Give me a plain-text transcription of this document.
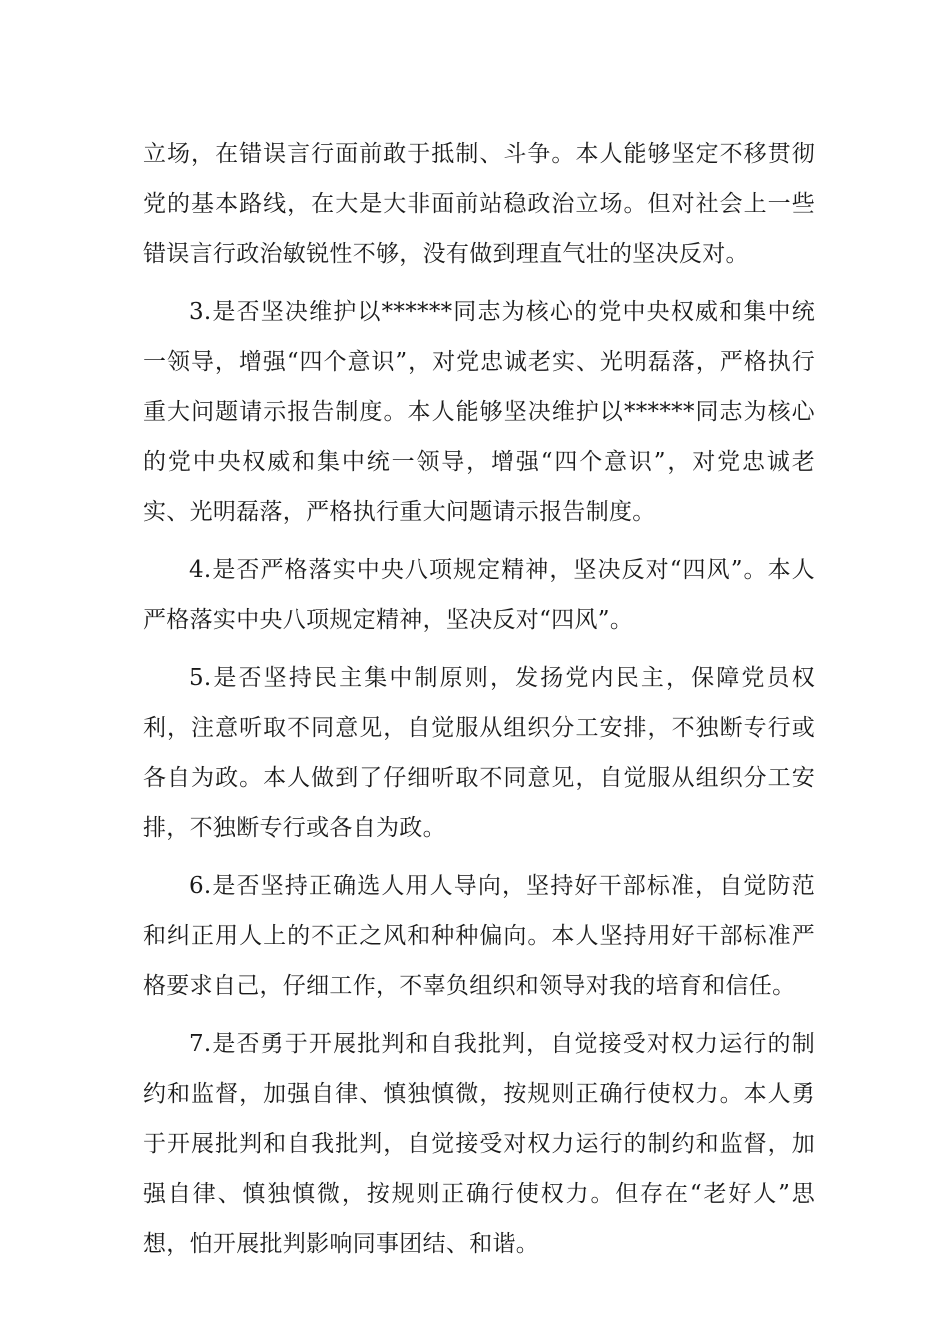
立场，在错误言行面前敢于抵制、斗争。本人能够坚定不移贯彻党的基本路线，在大是大非面前站稳政治立场。但对社会上一些错误言行政治敏锐性不够，没有做到理直气壮的坚决反对。

3.是否坚决维护以******同志为核心的党中央权威和集中统一领导，增强“四个意识”，对党忠诚老实、光明磊落，严格执行重大问题请示报告制度。本人能够坚决维护以******同志为核心的党中央权威和集中统一领导，增强“四个意识”，对党忠诚老实、光明磊落，严格执行重大问题请示报告制度。

4.是否严格落实中央八项规定精神，坚决反对“四风”。本人严格落实中央八项规定精神，坚决反对“四风”。

5.是否坚持民主集中制原则，发扬党内民主，保障党员权利，注意听取不同意见，自觉服从组织分工安排，不独断专行或各自为政。本人做到了仔细听取不同意见，自觉服从组织分工安排，不独断专行或各自为政。

6.是否坚持正确选人用人导向，坚持好干部标准，自觉防范和纠正用人上的不正之风和种种偏向。本人坚持用好干部标准严格要求自己，仔细工作，不辜负组织和领导对我的培育和信任。

7.是否勇于开展批判和自我批判，自觉接受对权力运行的制约和监督，加强自律、慎独慎微，按规则正确行使权力。本人勇于开展批判和自我批判，自觉接受对权力运行的制约和监督，加强自律、慎独慎微，按规则正确行使权力。但存在“老好人”思想，怕开展批判影响同事团结、和谐。
